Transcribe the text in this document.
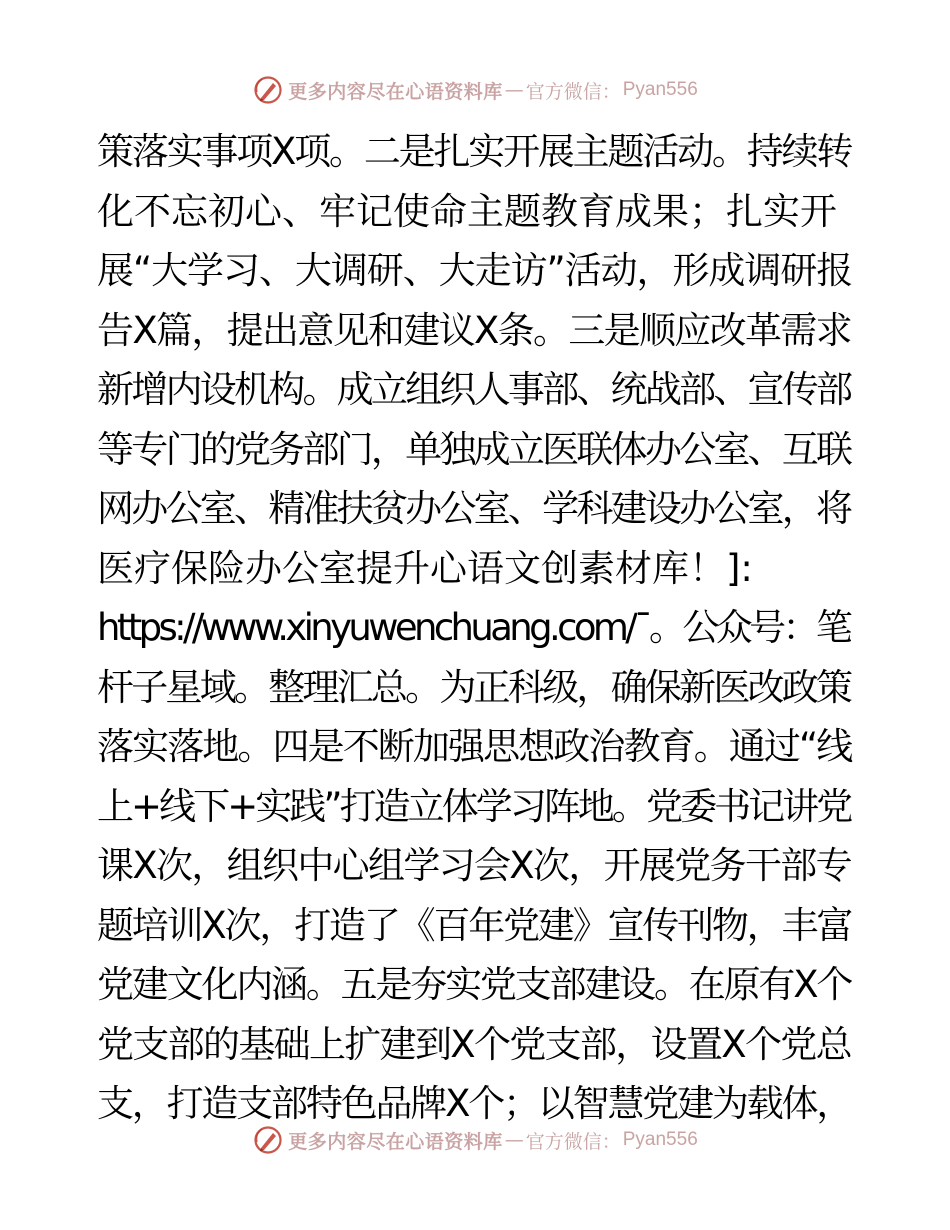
更多内容尽在心语资料库 — 官方微信： Pyan556
策落实事项X项。二是扎实开展主题活动。持续转
化不忘初心、牢记使命主题教育成果；扎实开
展“大学习、大调研、大走访”活动，形成调研报
告X篇，提出意见和建议X条。三是顺应改革需求
新增内设机构。成立组织人事部、统战部、宣传部
等专门的党务部门，单独成立医联体办公室、互联
网办公室、精准扶贫办公室、学科建设办公室，将
医疗保险办公室提升心语文创素材库！]:
https://www.xinyuwenchuang.com/¯。公众号：笔
杆子星域。整理汇总。为正科级，确保新医改政策
落实落地。四是不断加强思想政治教育。通过“线
上+线下+实践”打造立体学习阵地。党委书记讲党
课X次，组织中心组学习会X次，开展党务干部专
题培训X次，打造了《百年党建》宣传刊物，丰富
党建文化内涵。五是夯实党支部建设。在原有X个
党支部的基础上扩建到X个党支部，设置X个党总
支，打造支部特色品牌X个；以智慧党建为载体，
更多内容尽在心语资料库 — 官方微信： Pyan556
